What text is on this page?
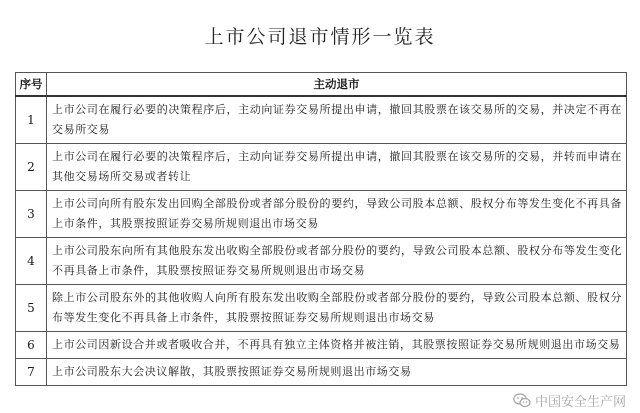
上市公司退市情形一览表
序号	主动退市
1	上市公司在履行必要的决策程序后，主动向证券交易所提出申请，撤回其股票在该交易所的交易，并决定不再在交易所交易
2	上市公司在履行必要的决策程序后，主动向证券交易所提出申请，撤回其股票在该交易所的交易，并转而申请在其他交易场所交易或者转让
3	上市公司向所有股东发出回购全部股份或者部分股份的要约，导致公司股本总额、股权分布等发生变化不再具备上市条件，其股票按照证券交易所规则退出市场交易
4	上市公司股东向所有其他股东发出收购全部股份或者部分股份的要约，导致公司股本总额、股权分布等发生变化不再具备上市条件，其股票按照证券交易所规则退出市场交易
5	除上市公司股东外的其他收购人向所有股东发出收购全部股份或者部分股份的要约，导致公司股本总额、股权分布等发生变化不再具备上市条件，其股票按照证券交易所规则退出市场交易
6	上市公司因新设合并或者吸收合并，不再具有独立主体资格并被注销，其股票按照证券交易所规则退出市场交易
7	上市公司股东大会决议解散，其股票按照证券交易所规则退出市场交易
中国安全生产网
